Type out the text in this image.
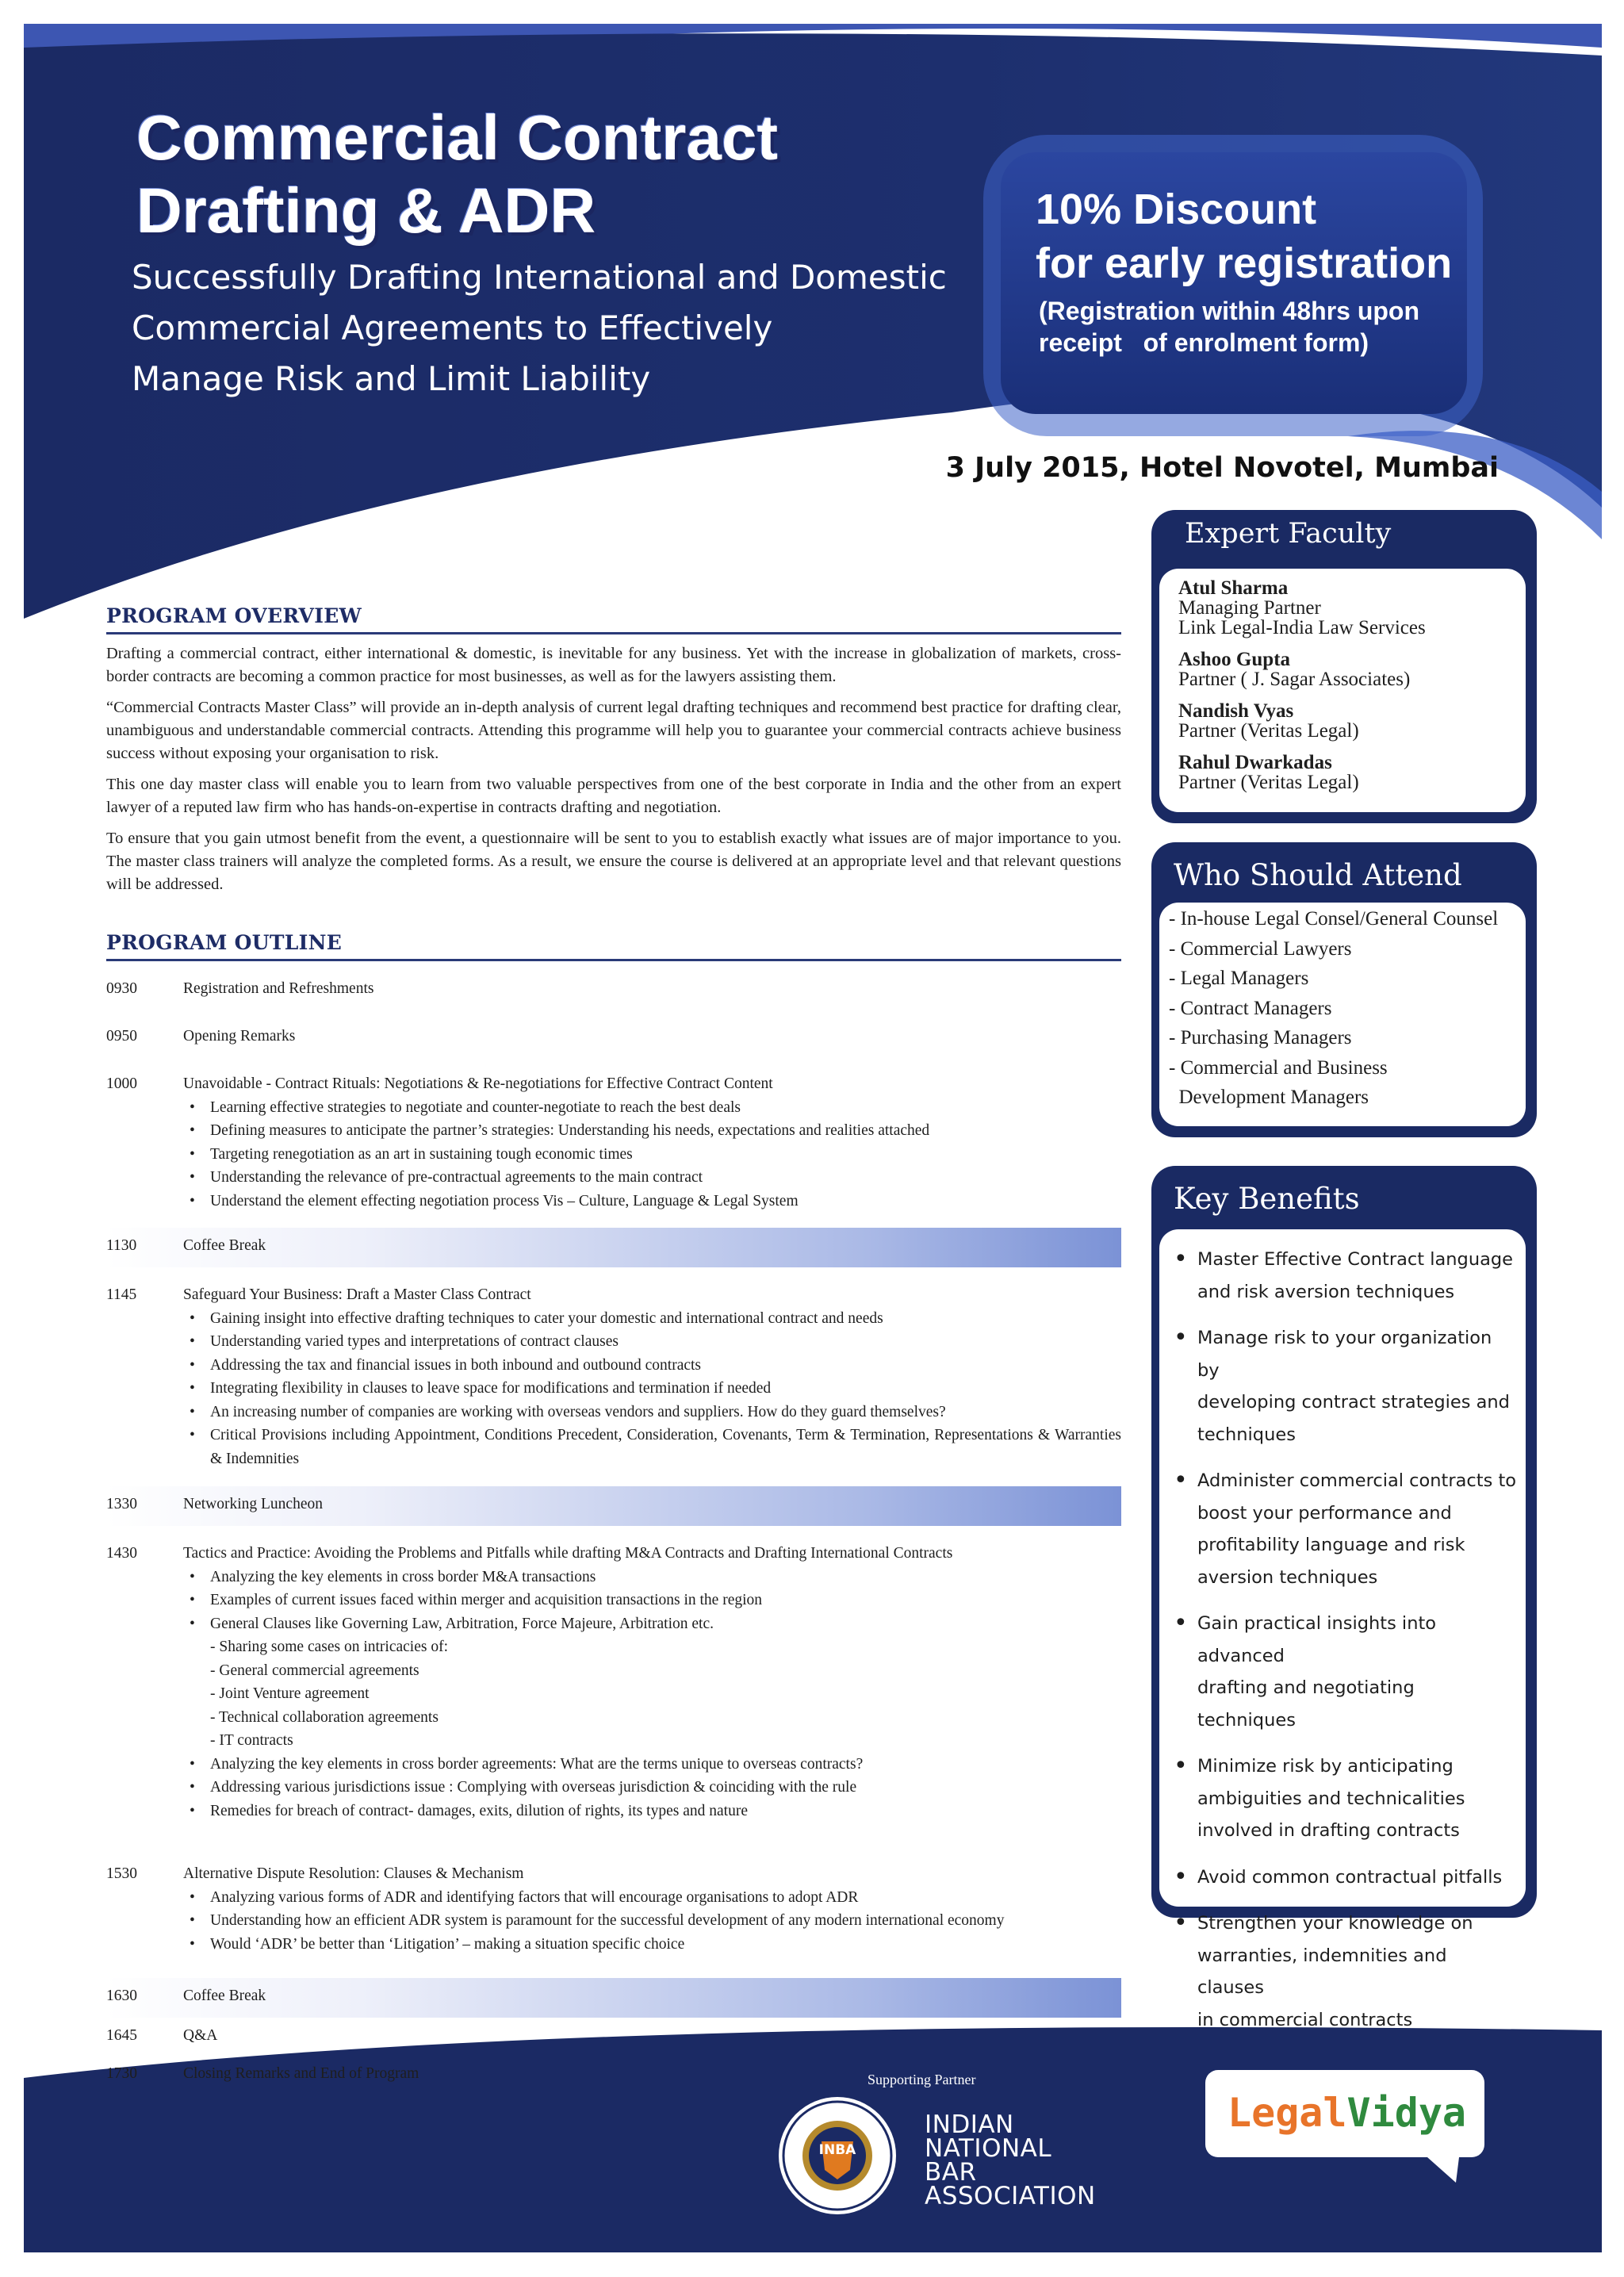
Commercial Contract
Drafting & ADR
Successfully Drafting International and Domestic
Commercial Agreements to Effectively
Manage Risk and Limit Liability
10% Discount
for early registration
(Registration within 48hrs upon
receipt   of enrolment form)
3 July 2015, Hotel Novotel, Mumbai
PROGRAM OVERVIEW

Drafting a commercial contract, either international & domestic, is inevitable for any business. Yet with the increase in globalization of markets, cross-border contracts are becoming a common practice for most businesses, as well as for the lawyers assisting them.

“Commercial Contracts Master Class” will provide an in-depth analysis of current legal drafting techniques and recommend best practice for drafting clear, unambiguous and understandable commercial contracts. Attending this programme will help you to guarantee your commercial contracts achieve business success without exposing your organisation to risk.

This one day master class will enable you to learn from two valuable perspectives from one of the best corporate in India and the other from an expert lawyer of a reputed law firm who has hands-on-expertise in contracts drafting and negotiation.

To ensure that you gain utmost benefit from the event, a questionnaire will be sent to you to establish exactly what issues are of major importance to you. The master class trainers will analyze the completed forms. As a result, we ensure the course is delivered at an appropriate level and that relevant questions will be addressed.

PROGRAM OUTLINE
0930	Registration and Refreshments
0950	Opening Remarks
1000	Unavoidable - Contract Rituals: Negotiations & Re-negotiations for Effective Contract Content
• Learning effective strategies to negotiate and counter-negotiate to reach the best deals
• Defining measures to anticipate the partner’s strategies: Understanding his needs, expectations and realities attached
• Targeting renegotiation as an art in sustaining tough economic times
• Understanding the relevance of pre-contractual agreements to the main contract
• Understand the element effecting negotiation process Vis – Culture, Language & Legal System
1130	Coffee Break
1145	Safeguard Your Business: Draft a Master Class Contract
• Gaining insight into effective drafting techniques to cater your domestic and international contract and needs
• Understanding varied types and interpretations of contract clauses
• Addressing the tax and financial issues in both inbound and outbound contracts
• Integrating flexibility in clauses to leave space for modifications and termination if needed
• An increasing number of companies are working with overseas vendors and suppliers. How do they guard themselves?
• Critical Provisions including Appointment, Conditions Precedent, Consideration, Covenants, Term & Termination, Representations & Warranties & Indemnities
1330	Networking Luncheon
1430	Tactics and Practice: Avoiding the Problems and Pitfalls while drafting M&A Contracts and Drafting International Contracts
• Analyzing the key elements in cross border M&A transactions
• Examples of current issues faced within merger and acquisition transactions in the region
• General Clauses like Governing Law, Arbitration, Force Majeure, Arbitration etc.
- Sharing some cases on intricacies of:
- General commercial agreements
- Joint Venture agreement
- Technical collaboration agreements
- IT contracts
• Analyzing the key elements in cross border agreements: What are the terms unique to overseas contracts?
• Addressing various jurisdictions issue : Complying with overseas jurisdiction & coinciding with the rule
• Remedies for breach of contract- damages, exits, dilution of rights, its types and nature
1530	Alternative Dispute Resolution: Clauses & Mechanism
• Analyzing various forms of ADR and identifying factors that will encourage organisations to adopt ADR
• Understanding how an efficient ADR system is paramount for the successful development of any modern international economy
• Would ‘ADR’ be better than ‘Litigation’ – making a situation specific choice
1630	Coffee Break
1645	Q&A
1730	Closing Remarks and End of Program
Expert Faculty
Atul Sharma
Managing Partner
Link Legal-India Law Services
Ashoo Gupta
Partner ( J. Sagar Associates)
Nandish Vyas
Partner (Veritas Legal)
Rahul Dwarkadas
Partner (Veritas Legal)
Who Should Attend
- In-house Legal Consel/General Counsel
- Commercial Lawyers
- Legal Managers
- Contract Managers
- Purchasing Managers
- Commercial and Business
Development Managers
Key Benefits
• Master Effective Contract language
and risk aversion techniques
• Manage risk to your organization by
developing contract strategies and
techniques
• Administer commercial contracts to
boost your performance and
profitability language and risk
aversion techniques
• Gain practical insights into advanced
drafting and negotiating techniques
• Minimize risk by anticipating
ambiguities and technicalities
involved in drafting contracts
• Avoid common contractual pitfalls
• Strengthen your knowledge on
warranties, indemnities and clauses
in commercial contracts
Supporting Partner
INBA
INDIAN
NATIONAL
BAR
ASSOCIATION
LegalVidya
